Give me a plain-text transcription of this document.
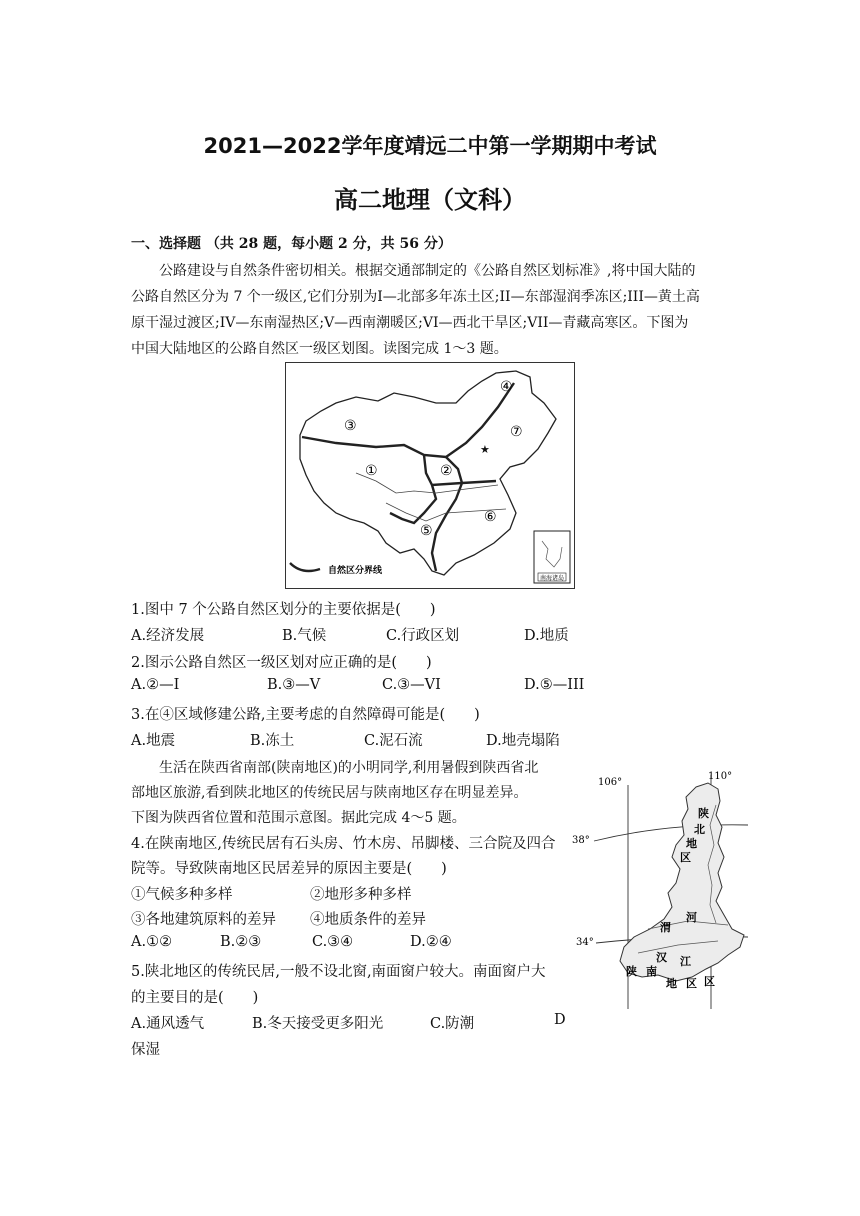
2021—2022学年度靖远二中第一学期期中考试
高二地理（文科）
一、选择题 （共 28 题，每小题 2 分，共 56 分）
公路建设与自然条件密切相关。根据交通部制定的《公路自然区划标准》,将中国大陆的
公路自然区分为 7 个一级区,它们分别为I—北部多年冻土区;II—东部湿润季冻区;III—黄土高
原干湿过渡区;IV—东南湿热区;V—西南潮暖区;VI—西北干旱区;VII—青藏高寒区。下图为
中国大陆地区的公路自然区一级区划图。读图完成 1～3 题。
★
③
①	②
④
⑦
⑤
⑥
自然区分界线
南海诸岛
1.图中 7 个公路自然区划分的主要依据是(　　)
A.经济发展	B.气候	C.行政区划	D.地质
2.图示公路自然区一级区划对应正确的是(　　)
A.②—I	B.③—V	C.③—VI	D.⑤—III
3.在④区域修建公路,主要考虑的自然障碍可能是(　　)
A.地震	B.冻土	C.泥石流	D.地壳塌陷
生活在陕西省南部(陕南地区)的小明同学,利用暑假到陕西省北
部地区旅游,看到陕北地区的传统民居与陕南地区存在明显差异。
下图为陕西省位置和范围示意图。据此完成 4～5 题。
4.在陕南地区,传统民居有石头房、竹木房、吊脚楼、三合院及四合
院等。导致陕南地区民居差异的原因主要是(　　)
①气候多种多样	②地形多种多样
③各地建筑原料的差异 ④地质条件的差异
A.①②	B.②③	C.③④	D.②④
5.陕北地区的传统民居,一般不设北窗,南面窗户较大。南面窗户大
的主要目的是(　　)
A.通风透气	B.冬天接受更多阳光	C.防潮	D
保湿
106°
110°
38°
34°
陕
北
地
区
河
渭
汉 江
区
陕 南
地 区
